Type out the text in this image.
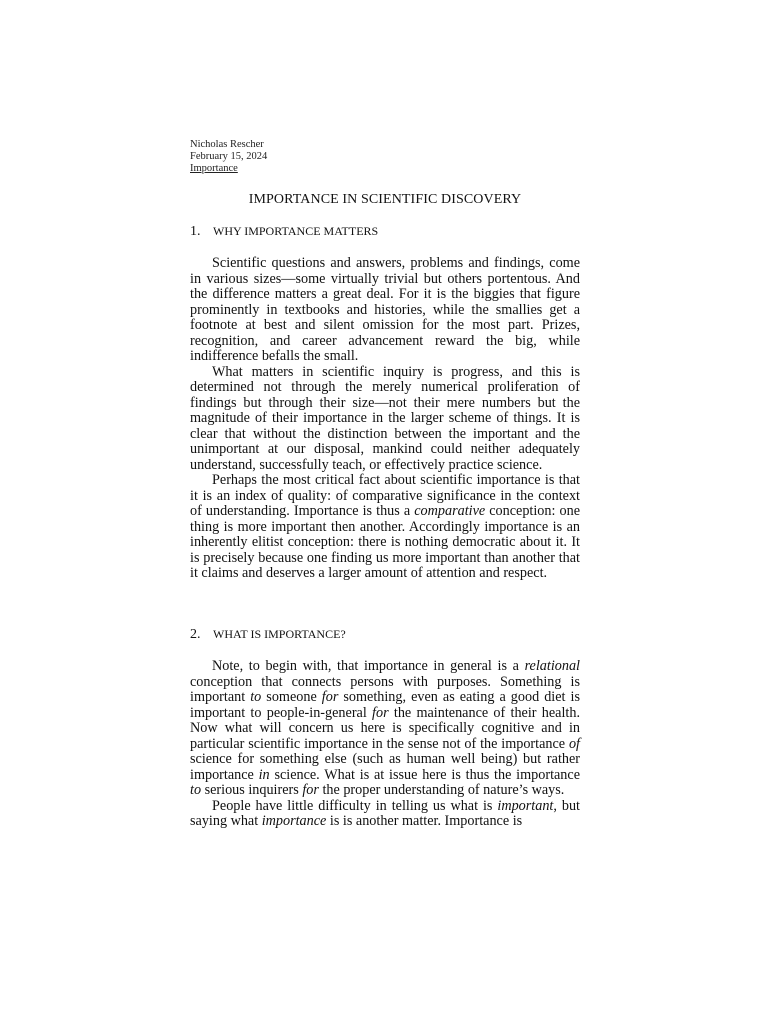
Nicholas Rescher
February 15, 2024
Importance
IMPORTANCE IN SCIENTIFIC DISCOVERY
1. WHY IMPORTANCE MATTERS

Scientific questions and answers, problems and findings, come in various sizes—some virtually trivial but others portentous. And the difference matters a great deal. For it is the biggies that figure prominently in textbooks and histories, while the smallies get a footnote at best and silent omission for the most part. Prizes, recognition, and career advancement reward the big, while indifference befalls the small.

What matters in scientific inquiry is progress, and this is determined not through the merely numerical proliferation of findings but through their size—not their mere numbers but the magnitude of their importance in the larger scheme of things. It is clear that without the distinction between the important and the unimportant at our disposal, mankind could neither adequately understand, successfully teach, or effectively practice science.

Perhaps the most critical fact about scientific importance is that it is an index of quality: of comparative significance in the context of understanding. Importance is thus a comparative conception: one thing is more important then another. Accordingly importance is an inherently elitist conception: there is nothing democratic about it. It is precisely because one finding us more important than another that it claims and deserves a larger amount of attention and respect.

2. WHAT IS IMPORTANCE?

Note, to begin with, that importance in general is a relational conception that connects persons with purposes. Something is important to someone for something, even as eating a good diet is important to people-in-general for the maintenance of their health. Now what will concern us here is specifically cognitive and in particular scientific importance in the sense not of the importance of science for something else (such as human well being) but rather importance in science. What is at issue here is thus the importance to serious inquirers for the proper understanding of nature’s ways.

People have little difficulty in telling us what is important, but saying what importance is is another matter. Importance is
